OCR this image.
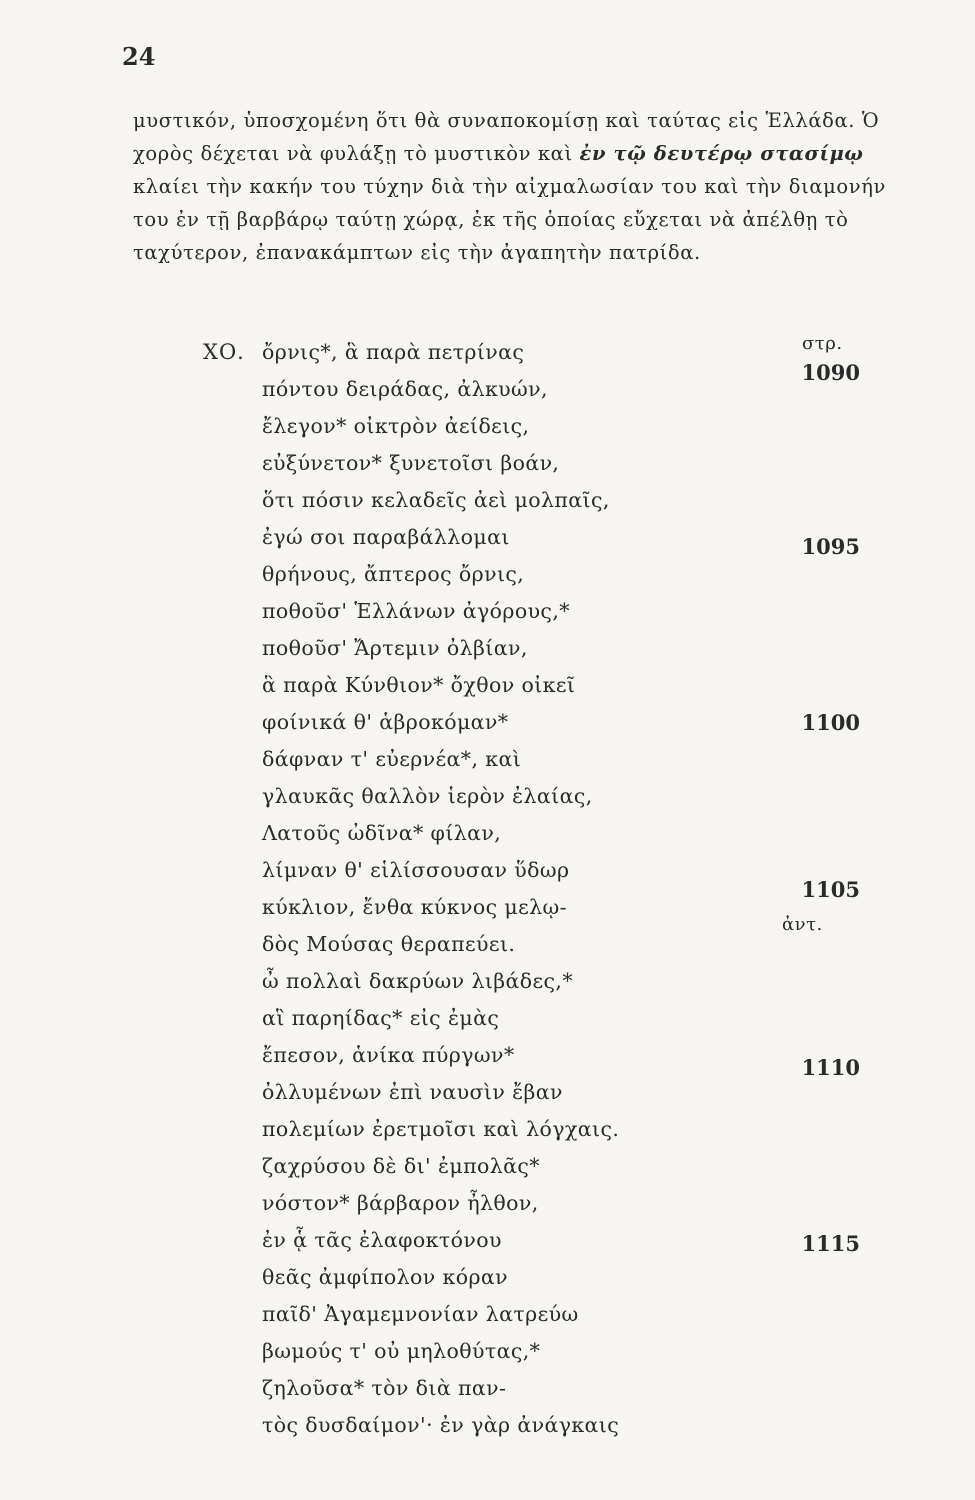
24

μυστικόν, ὑποσχομένη ὅτι θὰ συναποκομίσῃ καὶ ταύτας εἰς Ἑλλάδα. Ὁ χορὸς δέχεται νὰ φυλάξῃ τὸ μυστικὸν καὶ ἐν τῷ δευτέρῳ στασίμῳ κλαίει τὴν κακήν του τύχην διὰ τὴν αἰχμαλωσίαν του καὶ τὴν διαμονήν του ἐν τῇ βαρβάρῳ ταύτῃ χώρᾳ, ἐκ τῆς ὁποίας εὔχεται νὰ ἀπέλθῃ τὸ ταχύτερον, ἐπανακάμπτων εἰς τὴν ἀγαπητὴν πατρίδα.

ΧΟ. ὄρνις*, ἃ παρὰ πετρίνας
πόντου δειράδας, ἀλκυών,
ἔλεγον* οἰκτρὸν ἀείδεις,
εὐξύνετον* ξυνετοῖσι βοάν,
ὅτι πόσιν κελαδεῖς ἀεὶ μολπαῖς,
ἐγώ σοι παραβάλλομαι
θρήνους, ἄπτερος ὄρνις,
ποθοῦσ' Ἑλλάνων ἀγόρους,*
ποθοῦσ' Ἄρτεμιν ὀλβίαν,
ἃ παρὰ Κύνθιον* ὄχθον οἰκεῖ
φοίνικά θ' ἁβροκόμαν*
δάφναν τ' εὐερνέα*, καὶ
γλαυκᾶς θαλλὸν ἱερὸν ἐλαίας,
Λατοῦς ὠδῖνα* φίλαν,
λίμναν θ' εἱλίσσουσαν ὕδωρ
κύκλιον, ἔνθα κύκνος μελῳ-
δὸς Μούσας θεραπεύει.
ὦ πολλαὶ δακρύων λιβάδες,*
αἳ παρηίδας* εἰς ἐμὰς
ἔπεσον, ἁνίκα πύργων*
ὀλλυμένων ἐπὶ ναυσὶν ἔβαν
πολεμίων ἐρετμοῖσι καὶ λόγχαις.
ζαχρύσου δὲ δι' ἐμπολᾶς*
νόστον* βάρβαρον ἦλθον,
ἐν ᾇ τᾶς ἐλαφοκτόνου
θεᾶς ἀμφίπολον κόραν
παῖδ' Ἀγαμεμνονίαν λατρεύω
βωμούς τ' οὐ μηλοθύτας,*
ζηλοῦσα* τὸν διὰ παν-
τὸς δυσδαίμον'· ἐν γὰρ ἀνάγκαις
στρ.
ἀντ.
1090
1095
1100
1105
1110
1115
